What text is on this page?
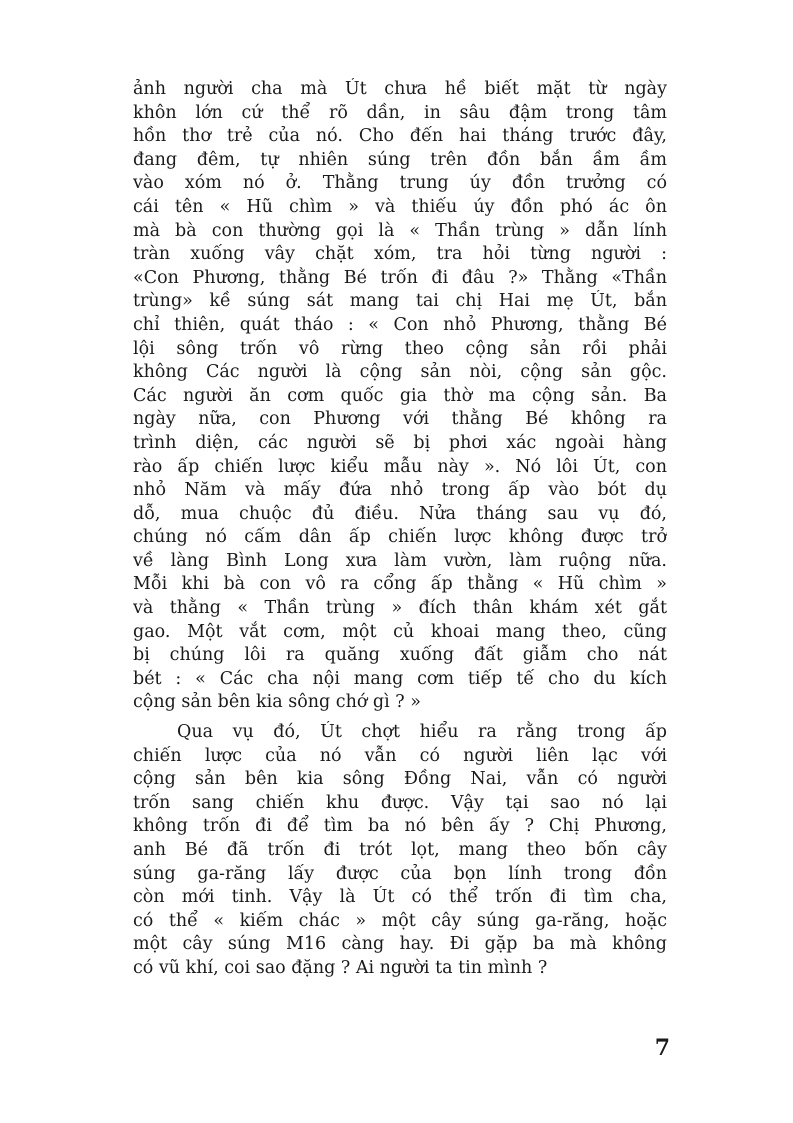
ảnh người cha mà Út chưa hề biết mặt từ ngày
khôn lớn cứ thể rõ dần, in sâu đậm trong tâm
hồn thơ trẻ của nó. Cho đến hai tháng trước đây,
đang đêm, tự nhiên súng trên đồn bắn ầm ầm
vào xóm nó ở. Thằng trung úy đồn trưởng có
cái tên « Hũ chìm » và thiếu úy đồn phó ác ôn
mà bà con thường gọi là « Thần trùng » dẫn lính
tràn xuống vây chặt xóm, tra hỏi từng người :
«Con Phương, thằng Bé trốn đi đâu ?» Thằng «Thần
trùng» kề súng sát mang tai chị Hai mẹ Út, bắn
chỉ thiên, quát tháo : « Con nhỏ Phương, thằng Bé
lội sông trốn vô rừng theo cộng sản rồi phải
không Các người là cộng sản nòi, cộng sản gộc.
Các người ăn cơm quốc gia thờ ma cộng sản. Ba
ngày nữa, con Phương với thằng Bé không ra
trình diện, các người sẽ bị phơi xác ngoài hàng
rào ấp chiến lược kiểu mẫu này ». Nó lôi Út, con
nhỏ Năm và mấy đứa nhỏ trong ấp vào bót dụ
dỗ, mua chuộc đủ điều. Nửa tháng sau vụ đó,
chúng nó cấm dân ấp chiến lược không được trở
về làng Bình Long xưa làm vườn, làm ruộng nữa.
Mỗi khi bà con vô ra cổng ấp thằng « Hũ chìm »
và thằng « Thần trùng » đích thân khám xét gắt
gao. Một vắt cơm, một củ khoai mang theo, cũng
bị chúng lôi ra quăng xuống đất giẫm cho nát
bét : « Các cha nội mang cơm tiếp tế cho du kích
cộng sản bên kia sông chớ gì ? »
Qua vụ đó, Út chợt hiểu ra rằng trong ấp
chiến lược của nó vẫn có người liên lạc với
cộng sản bên kia sông Đồng Nai, vẫn có người
trốn sang chiến khu được. Vậy tại sao nó lại
không trốn đi để tìm ba nó bên ấy ? Chị Phương,
anh Bé đã trốn đi trót lọt, mang theo bốn cây
súng ga-răng lấy được của bọn lính trong đồn
còn mới tinh. Vậy là Út có thể trốn đi tìm cha,
có thể « kiếm chác » một cây súng ga-răng, hoặc
một cây súng M16 càng hay. Đi gặp ba mà không
có vũ khí, coi sao đặng ? Ai người ta tin mình ?
7
